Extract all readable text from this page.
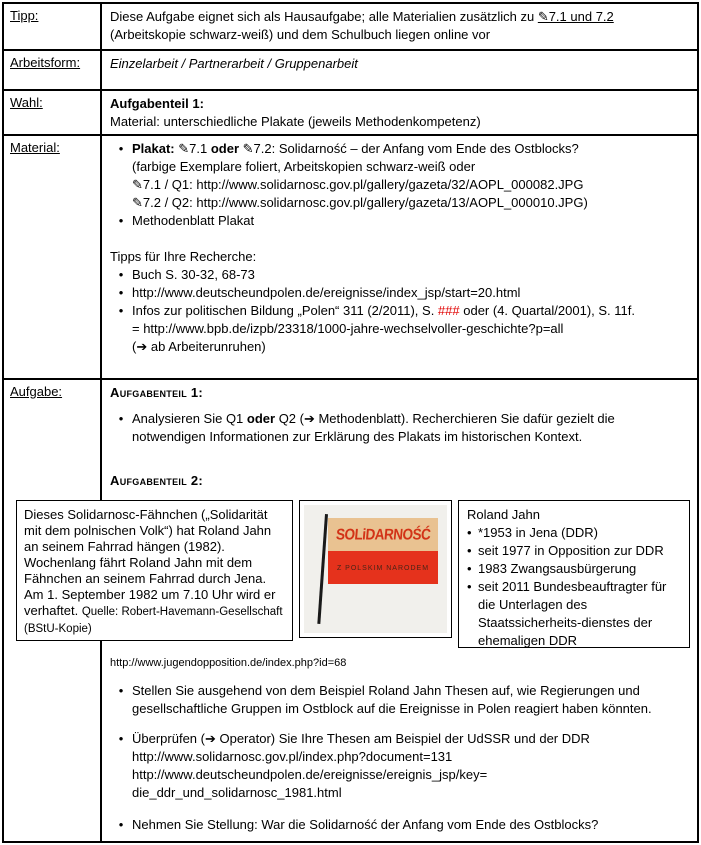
Tipp:	Diese Aufgabe eignet sich als Hausaufgabe; alle Materialien zusätzlich zu ✎7.1 und 7.2 (Arbeitskopie schwarz-weiß) und dem Schulbuch liegen online vor
Arbeitsform:	Einzelarbeit / Partnerarbeit / Gruppenarbeit
Wahl:	Aufgabenteil 1:
Material: unterschiedliche Plakate (jeweils Methodenkompetenz)
Material:	• Plakat: ✎7.1 oder ✎7.2: Solidarność – der Anfang vom Ende des Ostblocks?
(farbige Exemplare foliert, Arbeitskopien schwarz-weiß oder
✎7.1 / Q1: http://www.solidarnosc.gov.pl/gallery/gazeta/32/AOPL_000082.JPG
✎7.2 / Q2: http://www.solidarnosc.gov.pl/gallery/gazeta/13/AOPL_000010.JPG)
• Methodenblatt Plakat
Tipps für Ihre Recherche:
• Buch S. 30-32, 68-73
• http://www.deutscheundpolen.de/ereignisse/index_jsp/start=20.html
• Infos zur politischen Bildung „Polen“ 311 (2/2011), S. ### oder (4. Quartal/2001), S. 11f.
= http://www.bpb.de/izpb/23318/1000-jahre-wechselvoller-geschichte?p=all
(➔ ab Arbeiterunruhen)
Aufgabe:	Aufgabenteil 1:
• Analysieren Sie Q1 oder Q2 (➔ Methodenblatt). Recherchieren Sie dafür gezielt die notwendigen Informationen zur Erklärung des Plakats im historischen Kontext.
Aufgabenteil 2:
Dieses Solidarnosc-Fähnchen („Solidarität mit dem polnischen Volk“) hat Roland Jahn an seinem Fahrrad hängen (1982). Wochenlang fährt Roland Jahn mit dem Fähnchen an seinem Fahrrad durch Jena. Am 1. September 1982 um 7.10 Uhr wird er verhaftet. Quelle: Robert-Havemann-Gesellschaft (BStU-Kopie)
SOLiDARNOŚĆ
Z POLSKIM NARODEM
Roland Jahn
• *1953 in Jena (DDR)
• seit 1977 in Opposition zur DDR
• 1983 Zwangsausbürgerung
• seit 2011 Bundesbeauftragter für die Unterlagen des Staatssicherheits-dienstes der ehemaligen DDR
http://www.jugendopposition.de/index.php?id=68
• Stellen Sie ausgehend von dem Beispiel Roland Jahn Thesen auf, wie Regierungen und gesellschaftliche Gruppen im Ostblock auf die Ereignisse in Polen reagiert haben könnten.
• Überprüfen (➔ Operator) Sie Ihre Thesen am Beispiel der UdSSR und der DDR
http://www.solidarnosc.gov.pl/index.php?document=131
http://www.deutscheundpolen.de/ereignisse/ereignis_jsp/key=
die_ddr_und_solidarnosc_1981.html
• Nehmen Sie Stellung: War die Solidarność der Anfang vom Ende des Ostblocks?
